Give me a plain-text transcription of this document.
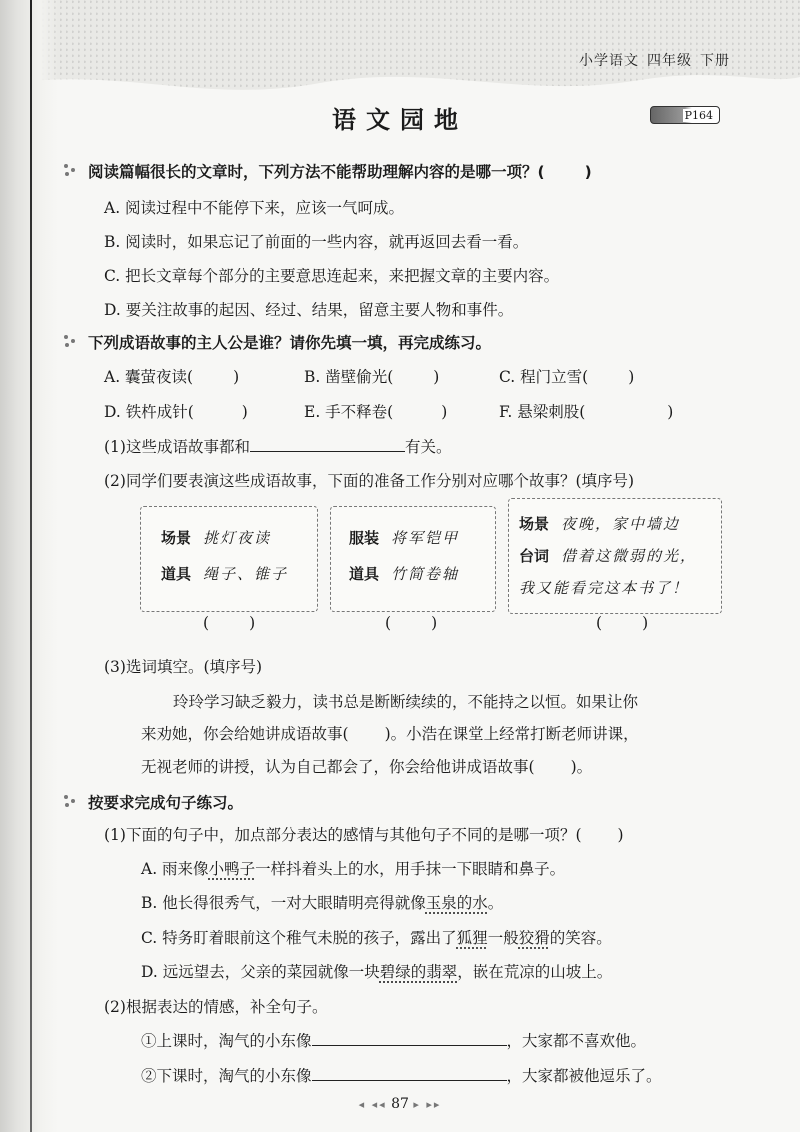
小学语文 四年级 下册
语文园地	P164
阅读篇幅很长的文章时，下列方法不能帮助理解内容的是哪一项？(	)
A. 阅读过程中不能停下来，应该一气呵成。
B. 阅读时，如果忘记了前面的一些内容，就再返回去看一看。
C. 把长文章每个部分的主要意思连起来，来把握文章的主要内容。
D. 要关注故事的起因、经过、结果，留意主要人物和事件。
下列成语故事的主人公是谁？请你先填一填，再完成练习。
A. 囊萤夜读(	)	B. 凿壁偷光(	)	C. 程门立雪(	)
D. 铁杵成针(	)	E. 手不释卷(	)	F. 悬梁刺股(	)
(1)这些成语故事都和	有关。
(2)同学们要表演这些成语故事，下面的准备工作分别对应哪个故事？(填序号)
场景 挑灯夜读
道具 绳子、锥子
服装 将军铠甲
道具 竹简卷轴
场景 夜晚，家中墙边
台词 借着这微弱的光，
我又能看完这本书了！
(	)	(	)	(	)
(3)选词填空。(填序号)
玲玲学习缺乏毅力，读书总是断断续续的，不能持之以恒。如果让你
来劝她，你会给她讲成语故事( )。小浩在课堂上经常打断老师讲课，
无视老师的讲授，认为自己都会了，你会给他讲成语故事( )。
按要求完成句子练习。
(1)下面的句子中，加点部分表达的感情与其他句子不同的是哪一项？( )
A. 雨来像小鸭子一样抖着头上的水，用手抹一下眼睛和鼻子。
B. 他长得很秀气，一对大眼睛明亮得就像玉泉的水。
C. 特务盯着眼前这个稚气未脱的孩子，露出了狐狸一般狡猾的笑容。
D. 远远望去，父亲的菜园就像一块碧绿的翡翠，嵌在荒凉的山坡上。
(2)根据表达的情感，补全句子。
①上课时，淘气的小东像	，大家都不喜欢他。
②下课时，淘气的小东像	，大家都被他逗乐了。
◂ ◂◂ 87 ▸ ▸▸
